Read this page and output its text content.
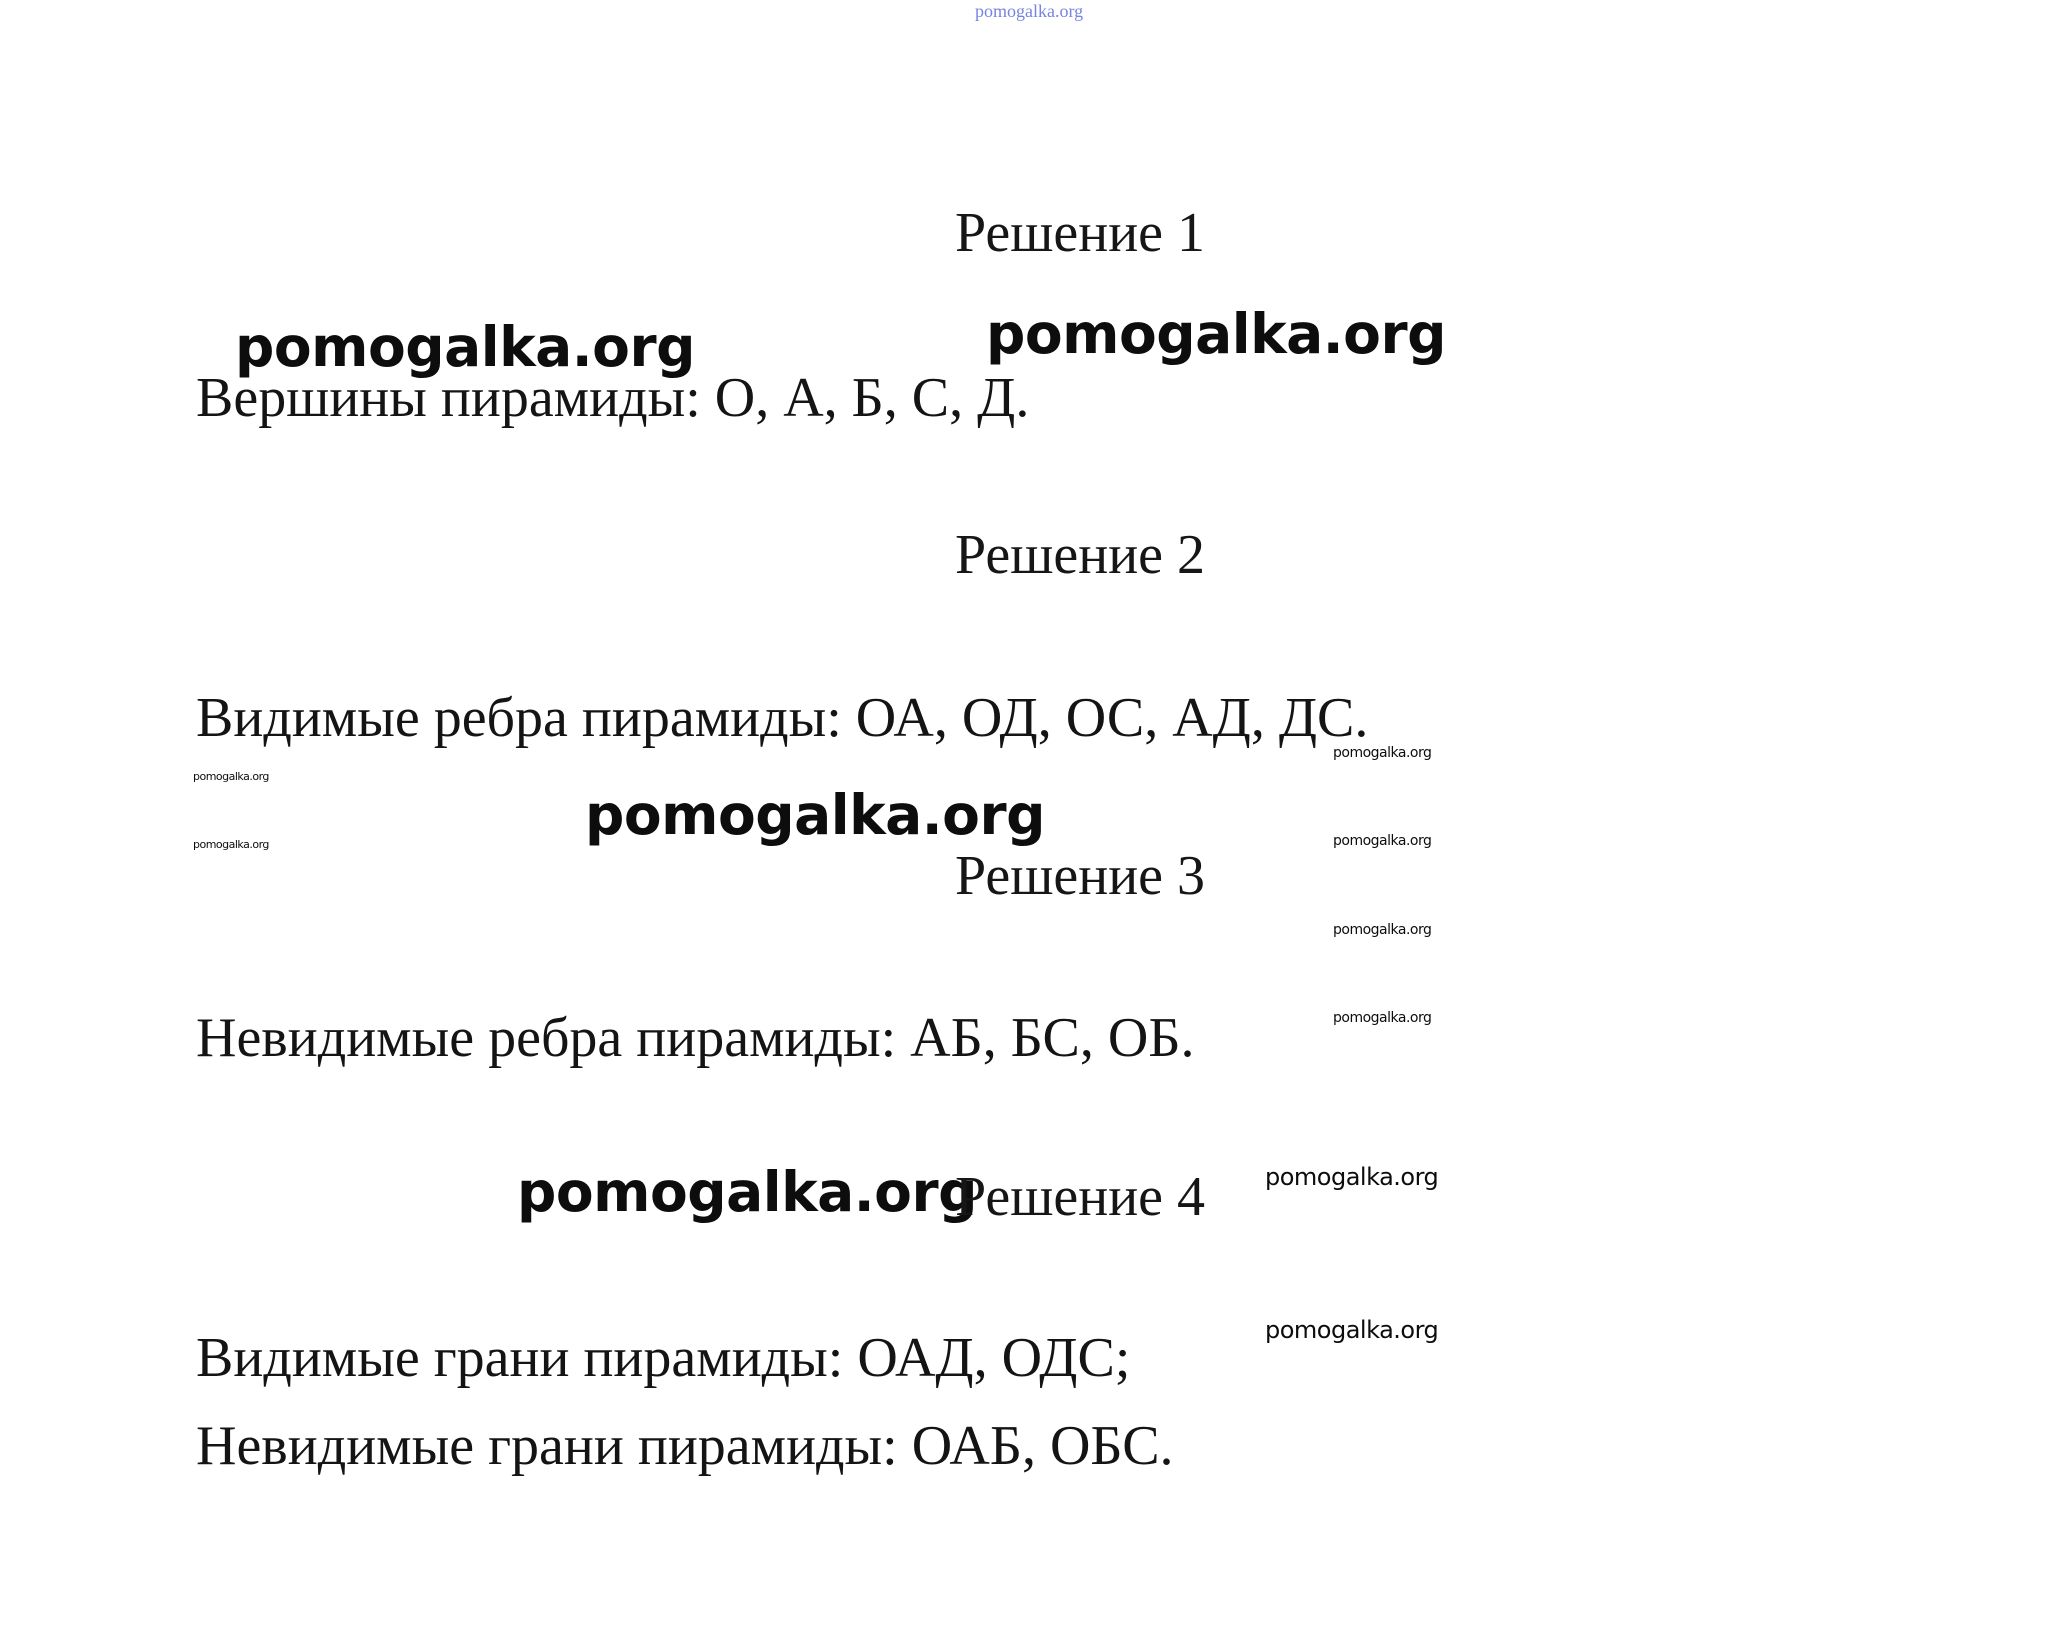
pomogalka.org
Решение 1
pomogalka.org	pomogalka.org
Вершины пирамиды: О, А, Б, С, Д.
Решение 2
Видимые ребра пирамиды: ОА, ОД, ОС, АД, ДС.
pomogalka.org
pomogalka.org
pomogalka.org
pomogalka.org	pomogalka.org
Решение 3
pomogalka.org
pomogalka.org
Невидимые ребра пирамиды: АБ, БС, ОБ.
pomogalka.org
Решение 4 pomogalka.org
pomogalka.org
Видимые грани пирамиды: ОАД, ОДС;
Невидимые грани пирамиды: ОАБ, ОБС.
